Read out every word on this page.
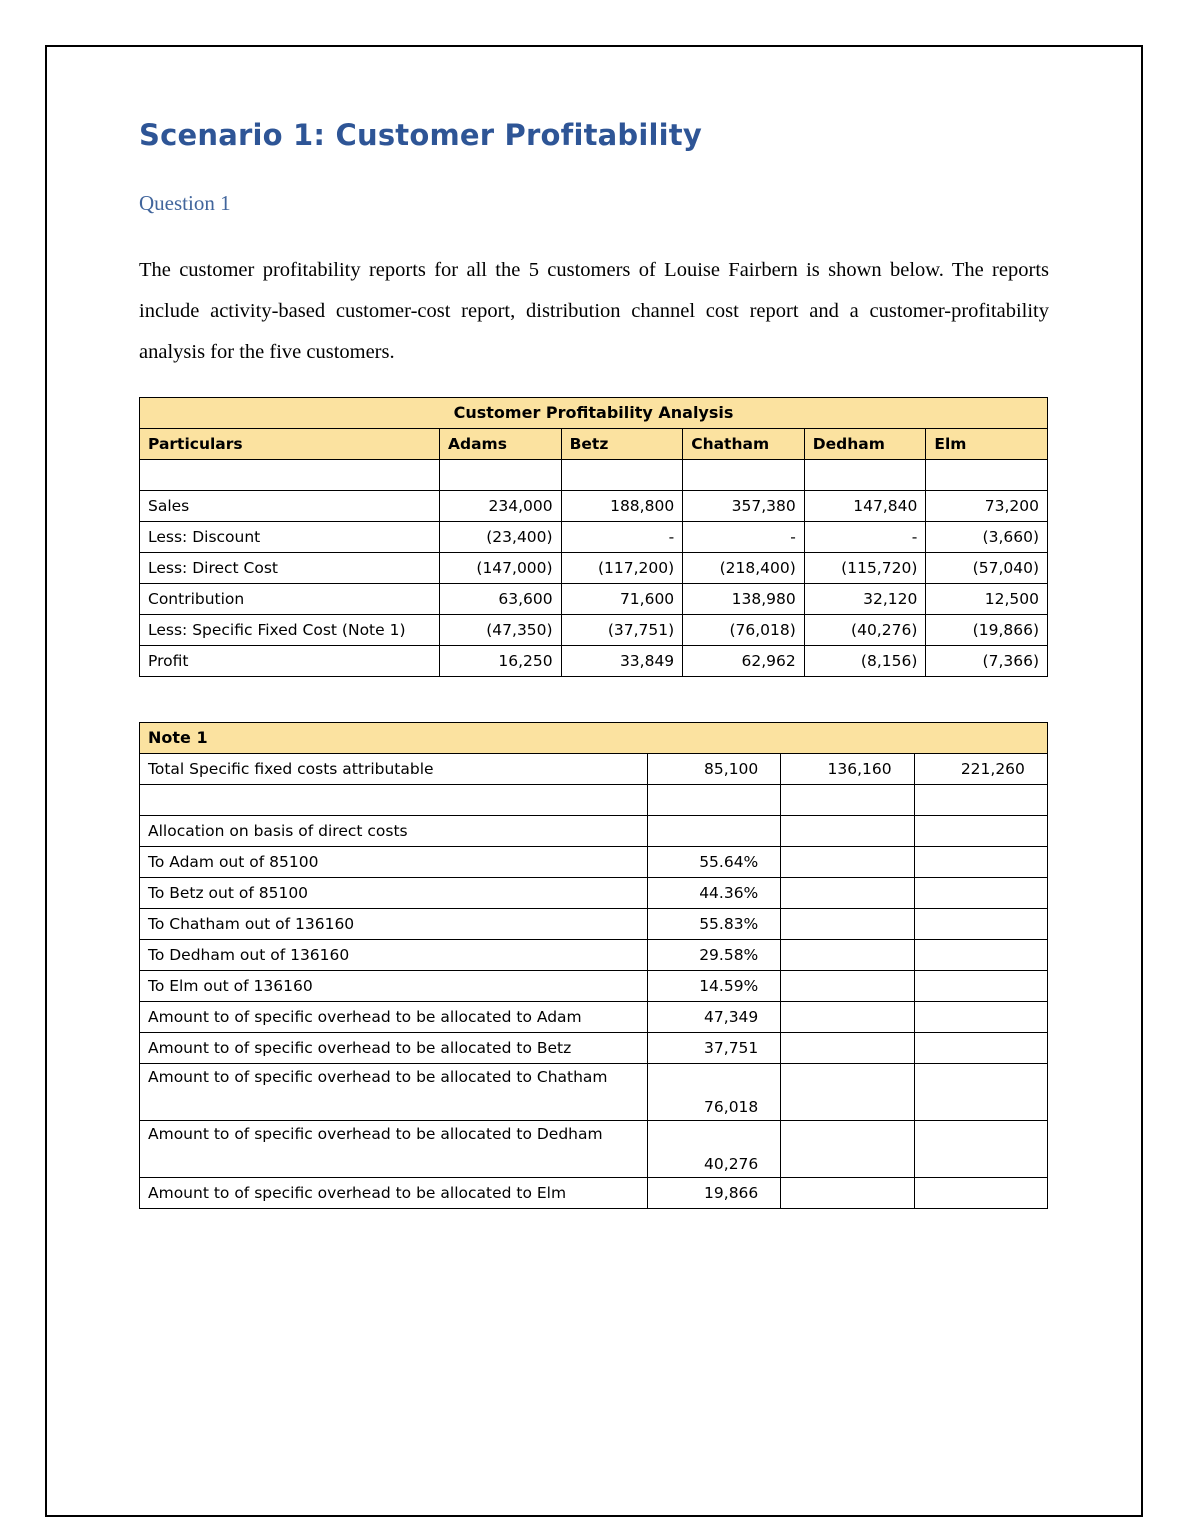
Scenario 1: Customer Profitability
Question 1

The customer profitability reports for all the 5 customers of Louise Fairbern is shown below. The reports include activity-based customer-cost report, distribution channel cost report and a customer-profitability analysis for the five customers.

Customer Profitability Analysis					
Particulars	Adams	Betz	Chatham	Dedham	Elm

Sales	234,000	188,800	357,380	147,840	73,200
Less: Discount	(23,400)	-	-	-	(3,660)
Less: Direct Cost	(147,000)	(117,200)	(218,400)	(115,720)	(57,040)
Contribution	63,600	71,600	138,980	32,120	12,500
Less: Specific Fixed Cost (Note 1)	(47,350)	(37,751)	(76,018)	(40,276)	(19,866)
Profit	16,250	33,849	62,962	(8,156)	(7,366)
Note 1			
Total Specific fixed costs attributable	85,100	136,160	221,260

Allocation on basis of direct costs			
To Adam out of 85100	55.64%		
To Betz out of 85100	44.36%		
To Chatham out of 136160	55.83%		
To Dedham out of 136160	29.58%		
To Elm out of 136160	14.59%		
Amount to of specific overhead to be allocated to Adam	47,349		
Amount to of specific overhead to be allocated to Betz	37,751		
Amount to of specific overhead to be allocated to Chatham	76,018		
Amount to of specific overhead to be allocated to Dedham	40,276		
Amount to of specific overhead to be allocated to Elm	19,866		
